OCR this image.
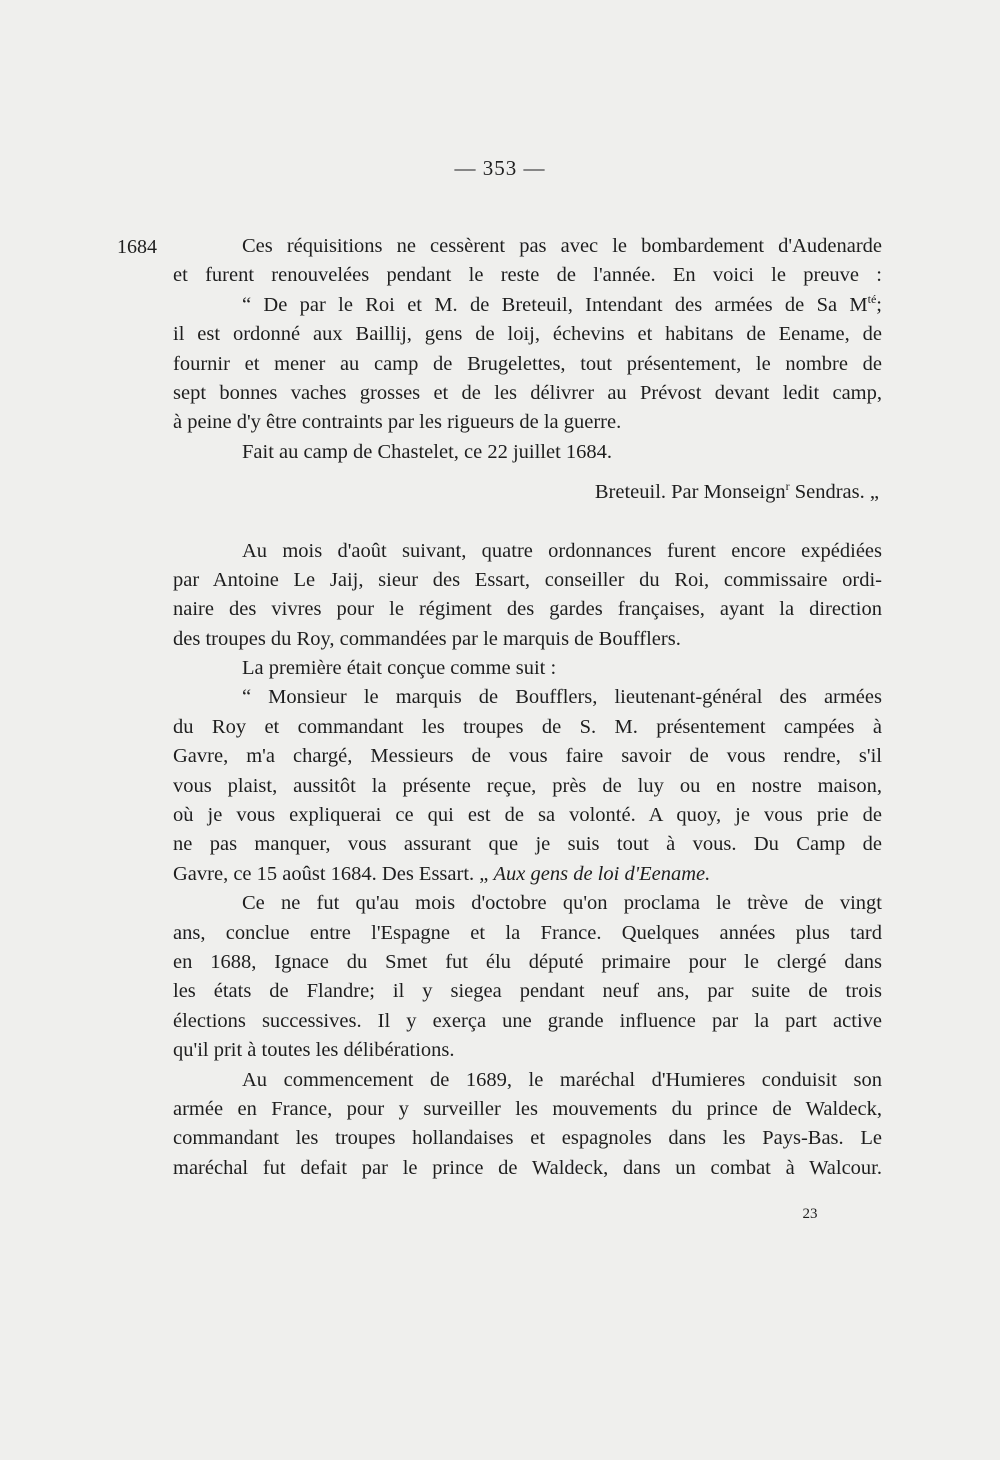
— 353 —
1684	Ces réquisitions ne cessèrent pas avec le bombardement d'Audenarde
et furent renouvelées pendant le reste de l'année. En voici le preuve :
“ De par le Roi et M. de Breteuil, Intendant des armées de Sa $M^{té}$;
il est ordonné aux Baillij, gens de loij, échevins et habitans de Eename, de
fournir et mener au camp de Brugelettes, tout présentement, le nombre de
sept bonnes vaches grosses et de les délivrer au Prévost devant ledit camp,
à peine d'y être contraints par les rigueurs de la guerre.
Fait au camp de Chastelet, ce 22 juillet 1684.
Breteuil. Par Monseign$^r$ Sendras. „
Au mois d'août suivant, quatre ordonnances furent encore expédiées
par Antoine Le Jaij, sieur des Essart, conseiller du Roi, commissaire ordi-
naire des vivres pour le régiment des gardes françaises, ayant la direction
des troupes du Roy, commandées par le marquis de Boufflers.
La première était conçue comme suit :
“ Monsieur le marquis de Boufflers, lieutenant-général des armées
du Roy et commandant les troupes de S. M. présentement campées à
Gavre, m'a chargé, Messieurs de vous faire savoir de vous rendre, s'il
vous plaist, aussitôt la présente reçue, près de luy ou en nostre maison,
où je vous expliquerai ce qui est de sa volonté. A quoy, je vous prie de
ne pas manquer, vous assurant que je suis tout à vous. Du Camp de
Gavre, ce 15 aoûst 1684. Des Essart. „ Aux gens de loi d'Eename.
Ce ne fut qu'au mois d'octobre qu'on proclama le trève de vingt
ans, conclue entre l'Espagne et la France. Quelques années plus tard
en 1688, Ignace du Smet fut élu député primaire pour le clergé dans
les états de Flandre; il y siegea pendant neuf ans, par suite de trois
élections successives. Il y exerça une grande influence par la part active
qu'il prit à toutes les délibérations.
Au commencement de 1689, le maréchal d'Humieres conduisit son
armée en France, pour y surveiller les mouvements du prince de Waldeck,
commandant les troupes hollandaises et espagnoles dans les Pays-Bas. Le
maréchal fut defait par le prince de Waldeck, dans un combat à Walcour.
23
